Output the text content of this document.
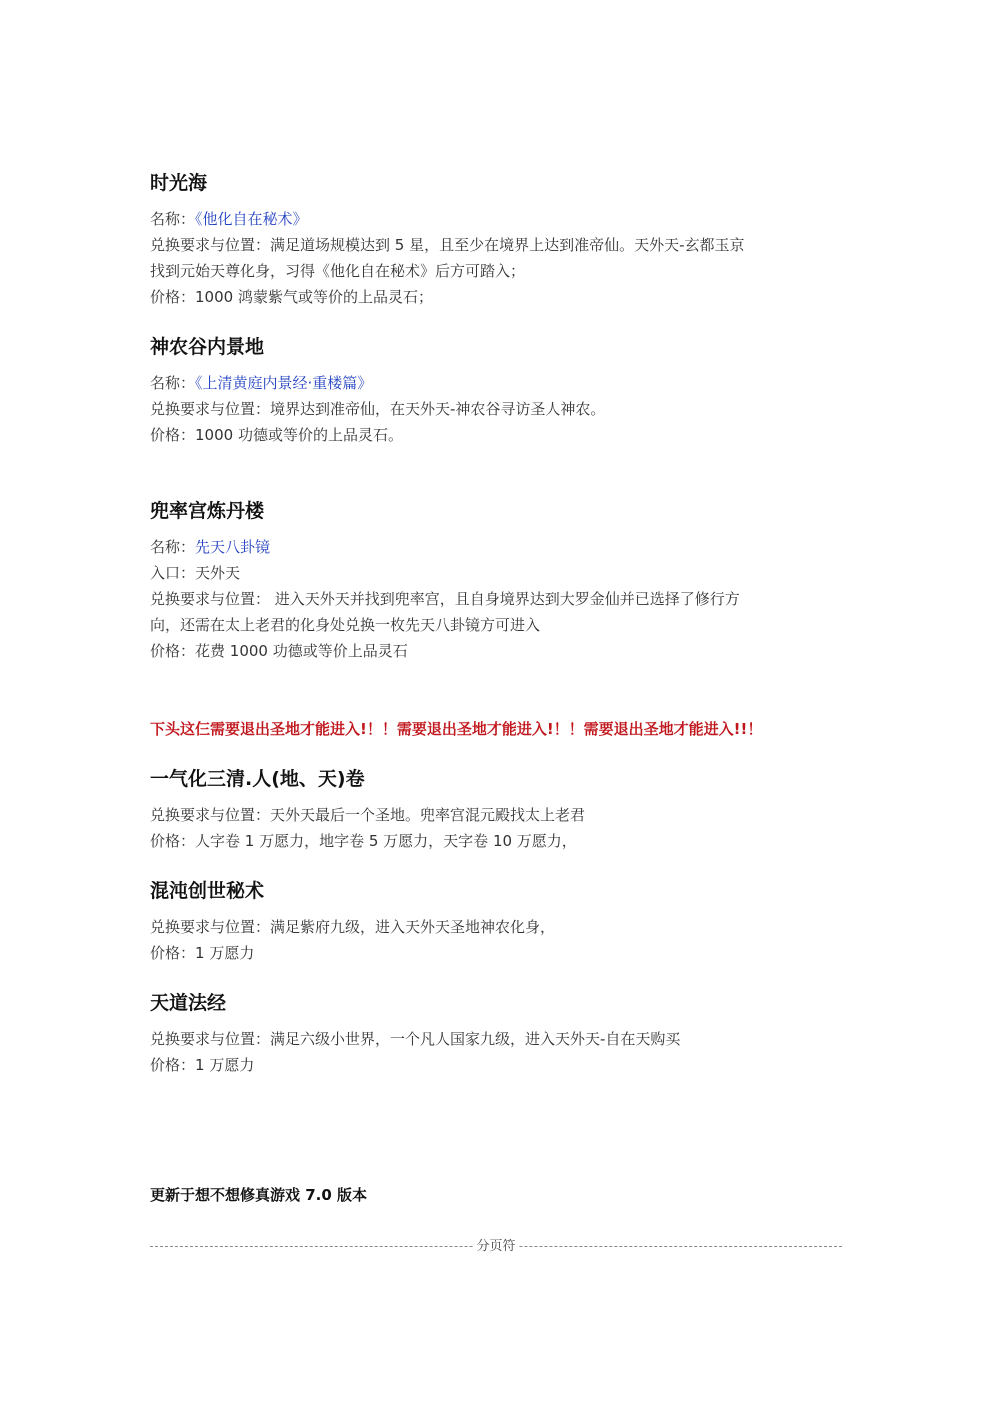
时光海
名称：《他化自在秘术》
兑换要求与位置：满足道场规模达到 5 星，且至少在境界上达到准帝仙。天外天-玄都玉京
找到元始天尊化身，习得《他化自在秘术》后方可踏入；
价格：1000 鸿蒙紫气或等价的上品灵石；
神农谷内景地
名称：《上清黄庭内景经·重楼篇》
兑换要求与位置：境界达到准帝仙，在天外天-神农谷寻访圣人神农。
价格：1000 功德或等价的上品灵石。
兜率宫炼丹楼
名称：先天八卦镜
入口：天外天
兑换要求与位置： 进入天外天并找到兜率宫，且自身境界达到大罗金仙并已选择了修行方
向，还需在太上老君的化身处兑换一枚先天八卦镜方可进入
价格：花费 1000 功德或等价上品灵石
下头这仨需要退出圣地才能进入!！！需要退出圣地才能进入!！！需要退出圣地才能进入!!！
一气化三清.人(地、天)卷
兑换要求与位置：天外天最后一个圣地。兜率宫混元殿找太上老君
价格：人字卷 1 万愿力，地字卷 5 万愿力，天字卷 10 万愿力，
混沌创世秘术
兑换要求与位置：满足紫府九级，进入天外天圣地神农化身，
价格：1 万愿力
天道法经
兑换要求与位置：满足六级小世界，一个凡人国家九级，进入天外天-自在天购买
价格：1 万愿力
更新于想不想修真游戏 7.0 版本
分页符
